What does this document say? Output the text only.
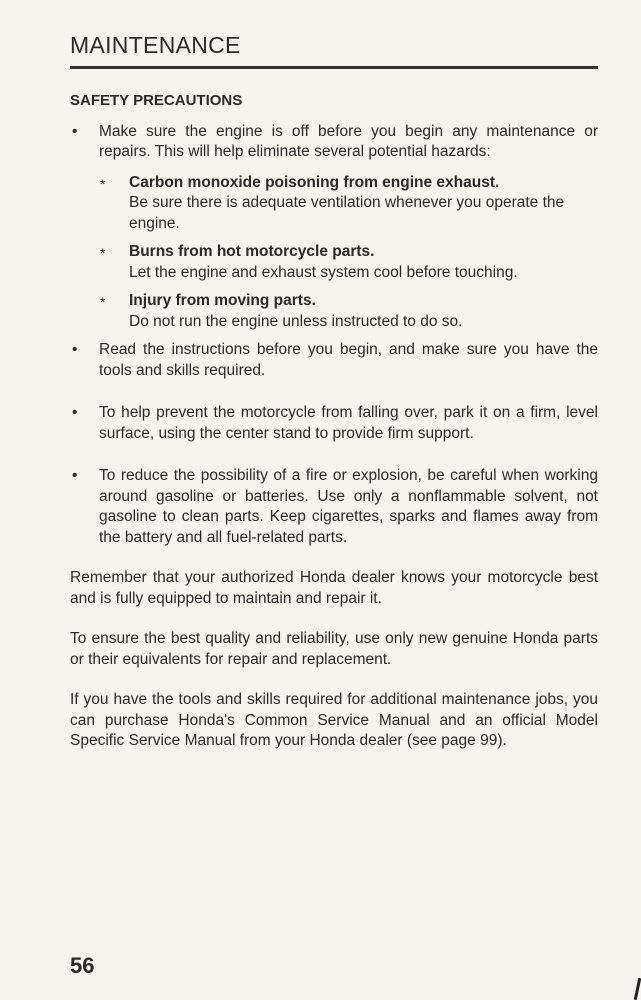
MAINTENANCE
SAFETY PRECAUTIONS
• Make sure the engine is off before you begin any maintenance or repairs. This will help eliminate several potential hazards:
* Carbon monoxide poisoning from engine exhaust.
Be sure there is adequate ventilation whenever you operate the engine.
* Burns from hot motorcycle parts.
Let the engine and exhaust system cool before touching.
* Injury from moving parts.
Do not run the engine unless instructed to do so.
• Read the instructions before you begin, and make sure you have the tools and skills required.
• To help prevent the motorcycle from falling over, park it on a firm, level surface, using the center stand to provide firm support.
• To reduce the possibility of a fire or explosion, be careful when working around gasoline or batteries. Use only a nonflammable solvent, not gasoline to clean parts. Keep cigarettes, sparks and flames away from the battery and all fuel-related parts.

Remember that your authorized Honda dealer knows your motorcycle best and is fully equipped to maintain and repair it.

To ensure the best quality and reliability, use only new genuine Honda parts or their equivalents for repair and replacement.

If you have the tools and skills required for additional maintenance jobs, you can purchase Honda's Common Service Manual and an official Model Specific Service Manual from your Honda dealer (see page 99).

56
